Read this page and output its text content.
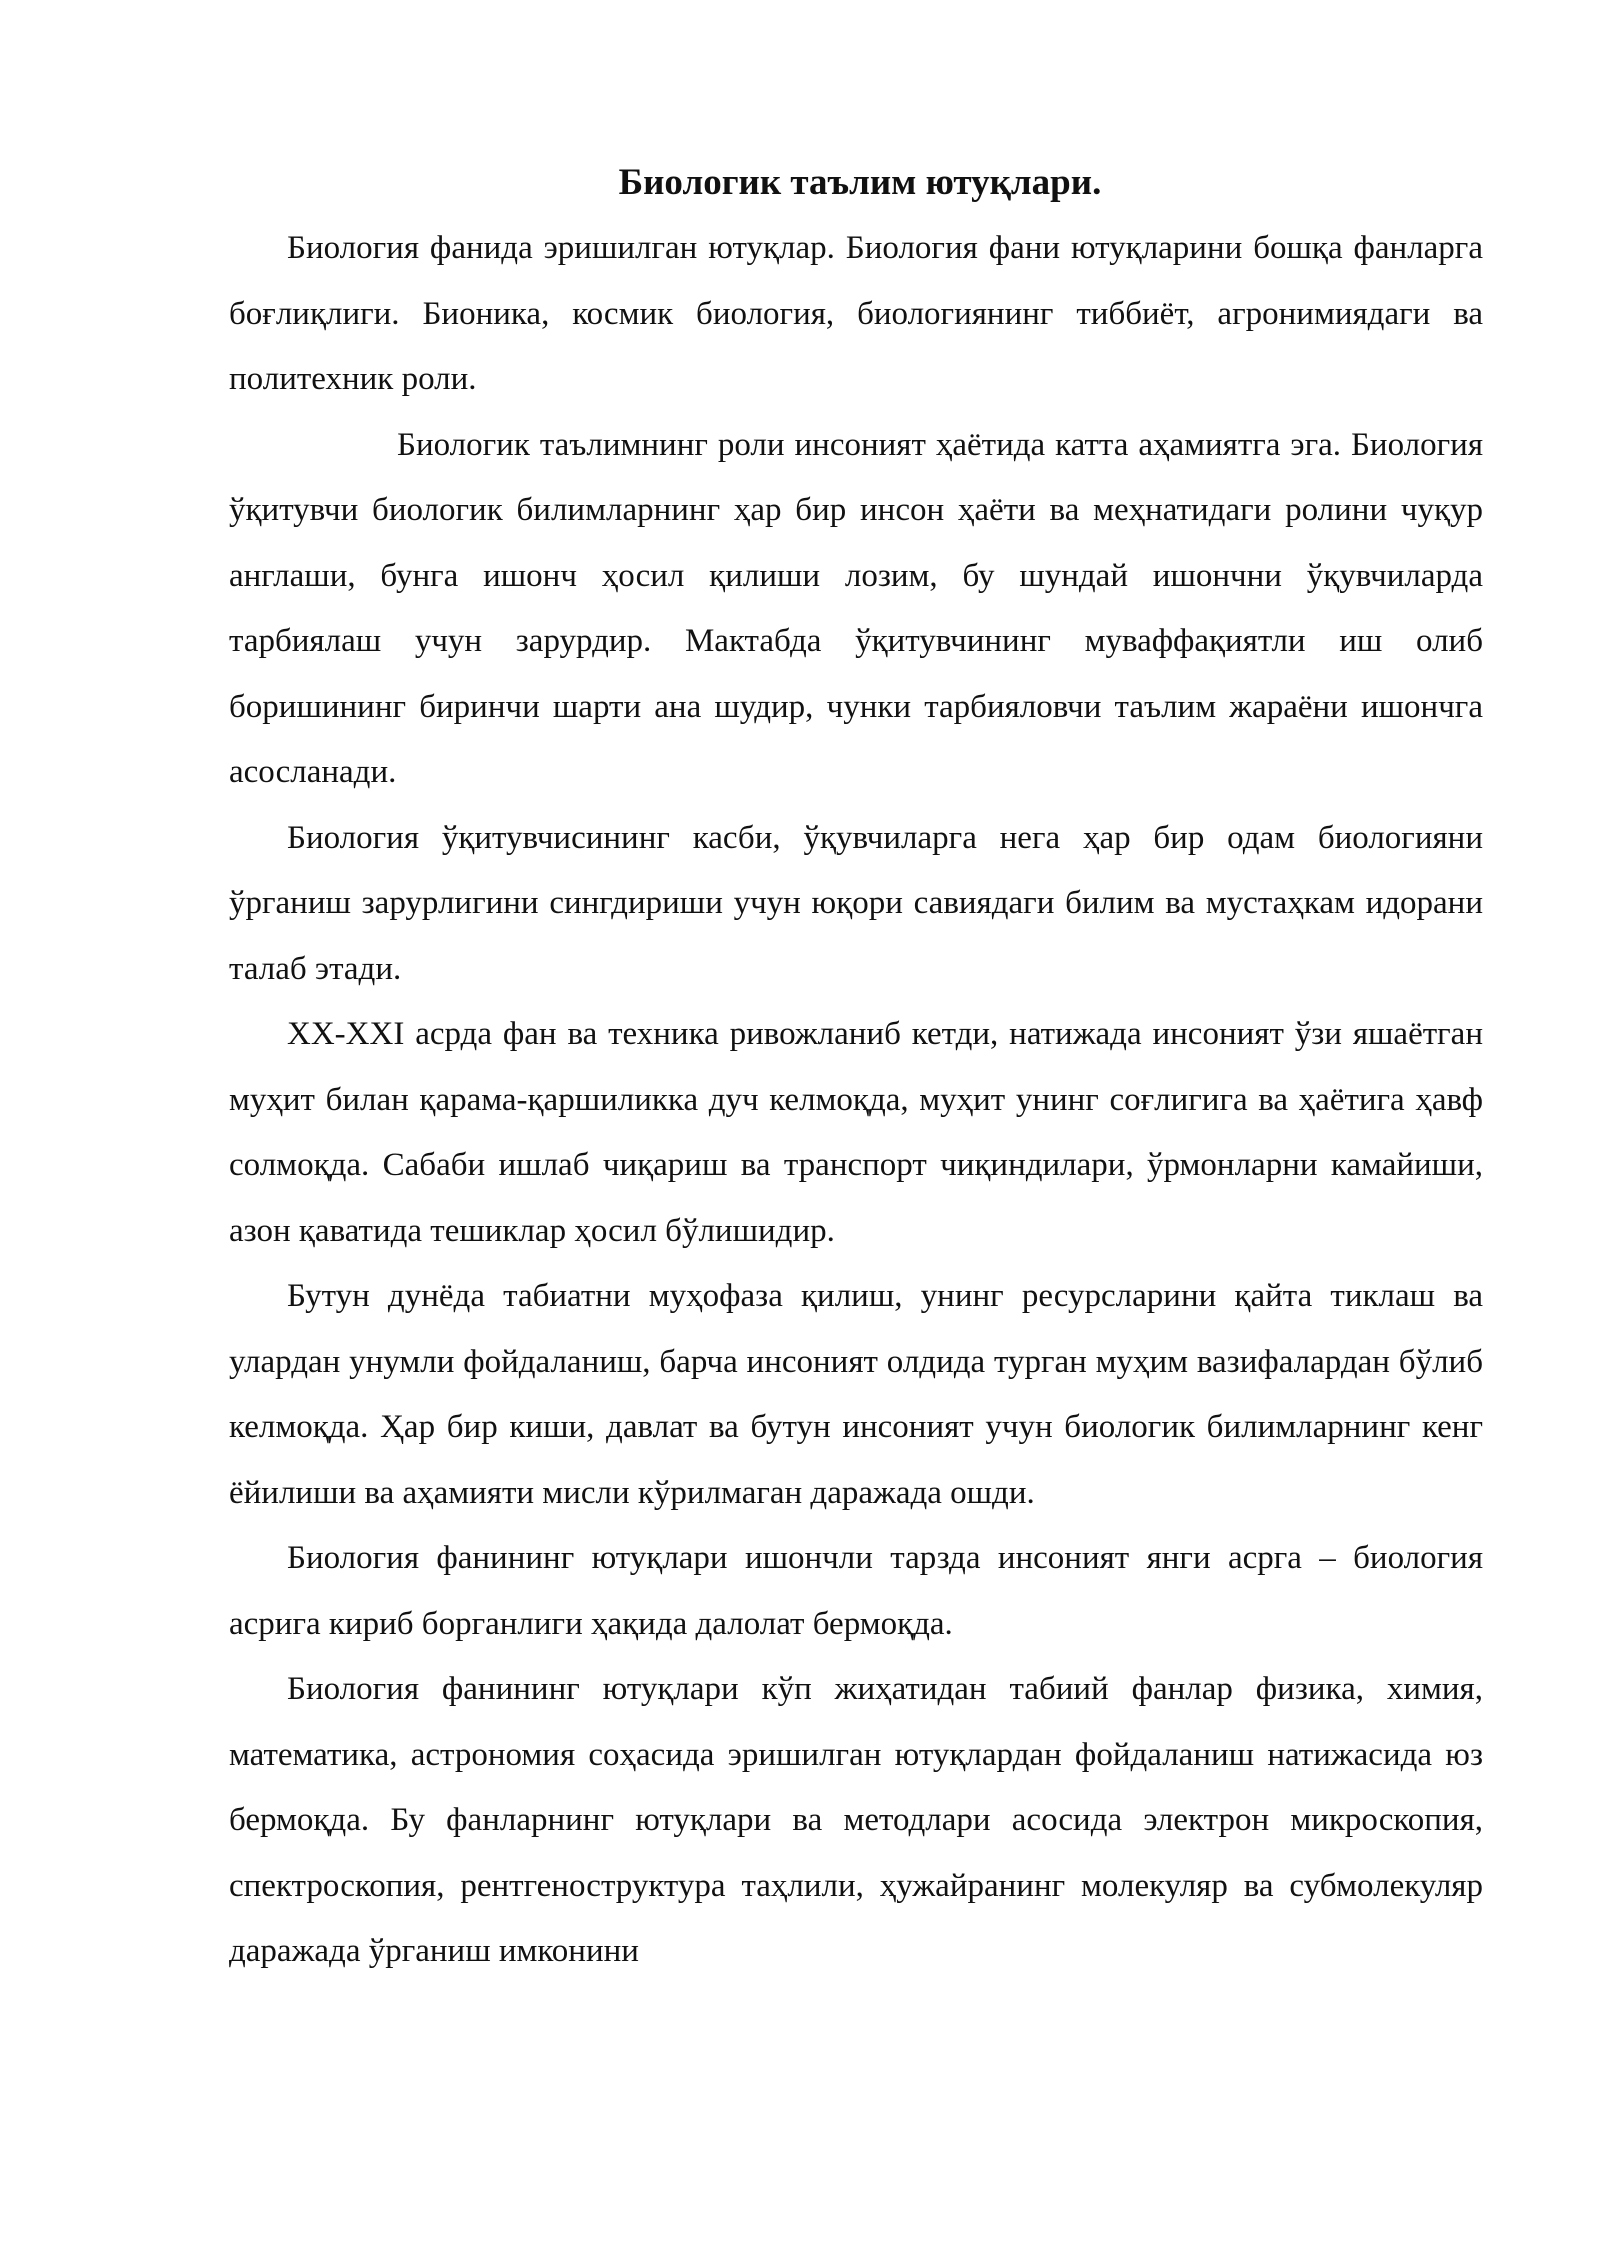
Биологик таълим ютуқлари.

Биология фанида эришилган ютуқлар. Биология фани ютуқларини бошқа фанларга боғлиқлиги. Бионика, космик биология, биологиянинг тиббиёт, агронимиядаги ва политехник роли.

Биологик таълимнинг роли инсоният ҳаётида катта аҳамиятга эга. Биология ўқитувчи биологик билимларнинг ҳар бир инсон ҳаёти ва меҳнатидаги ролини чуқур англаши, бунга ишонч ҳосил қилиши лозим, бу шундай ишончни ўқувчиларда тарбиялаш учун зарурдир. Мактабда ўқитувчининг муваффақиятли иш олиб боришининг биринчи шарти ана шудир, чунки тарбияловчи таълим жараёни ишончга асосланади.

Биология ўқитувчисининг касби, ўқувчиларга нега ҳар бир одам биологияни ўрганиш зарурлигини сингдириши учун юқори савиядаги билим ва мустаҳкам идорани талаб этади.

XX-XXI асрда фан ва техника ривожланиб кетди, натижада инсоният ўзи яшаётган муҳит билан қарама-қаршиликка дуч келмоқда, муҳит унинг соғлигига ва ҳаётига ҳавф солмоқда. Сабаби ишлаб чиқариш ва транспорт чиқиндилари, ўрмонларни камайиши, азон қаватида тешиклар ҳосил бўлишидир.

Бутун дунёда табиатни муҳофаза қилиш, унинг ресурсларини қайта тиклаш ва улардан унумли фойдаланиш, барча инсоният олдида турган муҳим вазифалардан бўлиб келмоқда. Ҳар бир киши, давлат ва бутун инсоният учун биологик билимларнинг кенг ёйилиши ва аҳамияти мисли кўрилмаган даражада ошди.

Биология фанининг ютуқлари ишончли тарзда инсоният янги асрга – биология асрига кириб борганлиги ҳақида далолат бермоқда.

Биология фанининг ютуқлари кўп жиҳатидан табиий фанлар физика, химия, математика, астрономия соҳасида эришилган ютуқлардан фойдаланиш натижасида юз бермоқда. Бу фанларнинг ютуқлари ва методлари асосида электрон микроскопия, спектроскопия, рентгеноструктура таҳлили, ҳужайранинг молекуляр ва субмолекуляр даражада ўрганиш имконини
